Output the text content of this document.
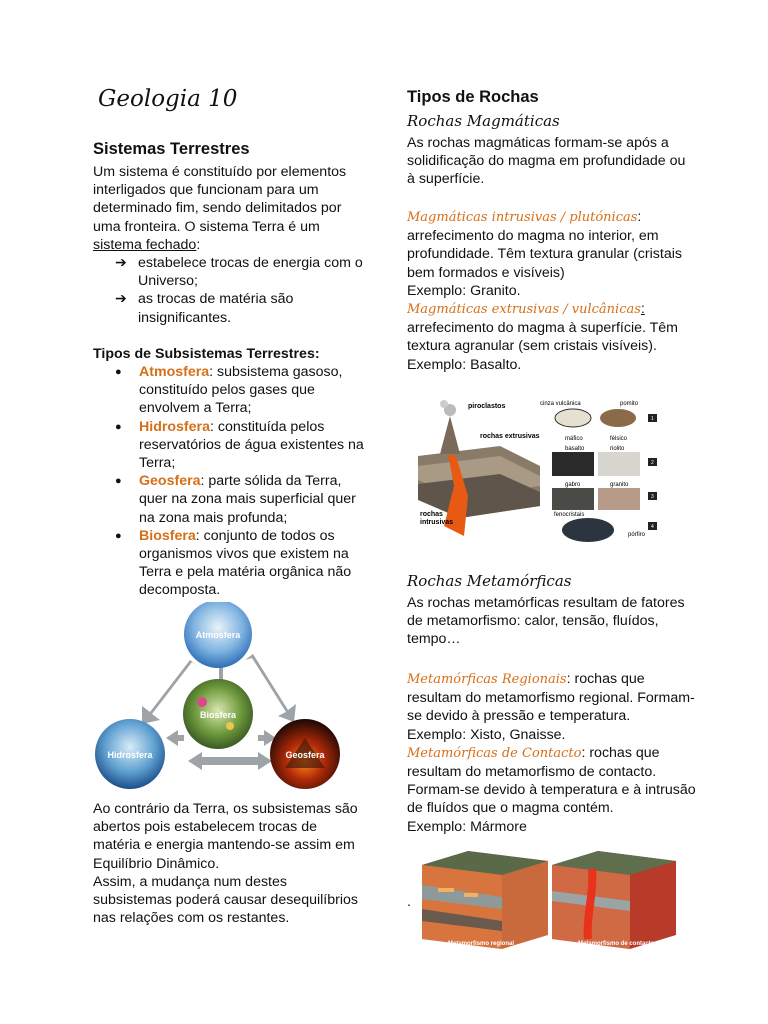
Geologia 10
Sistemas Terrestres
Um sistema é constituído por elementos interligados que funcionam para um determinado fim, sendo delimitados por uma fronteira. O sistema Terra é um sistema fechado:
➔ estabelece trocas de energia com o Universo;
➔ as trocas de matéria são insignificantes.
Tipos de Subsistemas Terrestres:
● Atmosfera: subsistema gasoso, constituído pelos gases que envolvem a Terra;
● Hidrosfera: constituída pelos reservatórios de água existentes na Terra;
● Geosfera: parte sólida da Terra, quer na zona mais superficial quer na zona mais profunda;
● Biosfera: conjunto de todos os organismos vivos que existem na Terra e pela matéria orgânica não decomposta.
Atmosfera
Biosfera
Hidrosfera	Geosfera
Ao contrário da Terra, os subsistemas são abertos pois estabelecem trocas de matéria e energia mantendo-se assim em Equilíbrio Dinâmico.
Assim, a mudança num destes subsistemas poderá causar desequilíbrios nas relações com os restantes.
Tipos de Rochas
Rochas Magmáticas
As rochas magmáticas formam-se após a solidificação do magma em profundidade ou à superfície.
Magmáticas intrusivas / plutónicas:
arrefecimento do magma no interior, em profundidade. Têm textura granular (cristais bem formados e visíveis)
Exemplo: Granito.
Magmáticas extrusivas / vulcânicas:
arrefecimento do magma à superfície. Têm textura agranular (sem cristais visíveis).
Exemplo: Basalto.
piroclastos
rochas extrusivas
rochas
intrusivas
cinza vulcânica	pomito
máfico	félsico
basalto	riolito
gabro	granito
fenocristais
pórfiro
1
2
3
4
Rochas Metamórficas
As rochas metamórficas resultam de fatores de metamorfismo: calor, tensão, fluídos, tempo…
Metamórficas Regionais: rochas que resultam do metamorfismo regional. Formam-se devido à pressão e temperatura.
Exemplo: Xisto, Gnaisse.
Metamórficas de Contacto: rochas que resultam do metamorfismo de contacto. Formam-se devido à temperatura e à intrusão de fluídos que o magma contém.
Exemplo: Mármore
.
Metamorfismo regional	Metamorfismo de contacto
